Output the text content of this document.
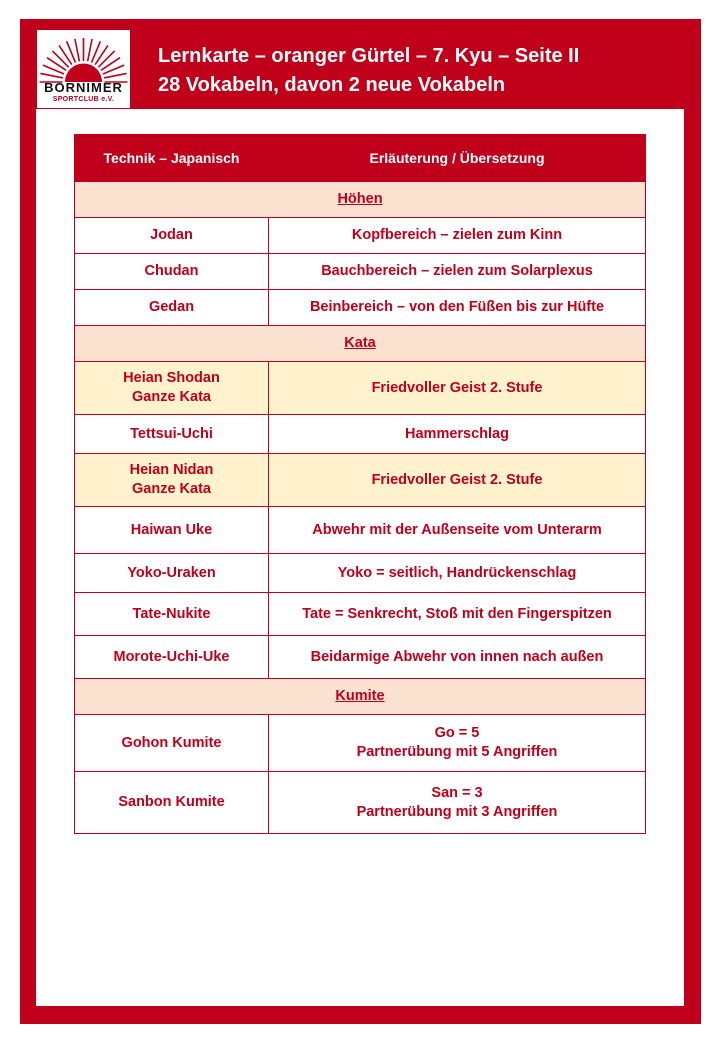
BORNIMER
SPORTCLUB e.V.
Lernkarte – oranger Gürtel – 7. Kyu – Seite II
28 Vokabeln, davon 2 neue Vokabeln
Technik – Japanisch	Erläuterung / Übersetzung
Höhen	
Jodan	Kopfbereich – zielen zum Kinn
Chudan	Bauchbereich – zielen zum Solarplexus
Gedan	Beinbereich – von den Füßen bis zur Hüfte
Kata	

Heian Shodan
Ganze Kata	Friedvoller Geist 2. Stufe
Tettsui-Uchi	Hammerschlag

Heian Nidan
Ganze Kata	Friedvoller Geist 2. Stufe
Haiwan Uke	Abwehr mit der Außenseite vom Unterarm
Yoko-Uraken	Yoko = seitlich, Handrückenschlag
Tate-Nukite	Tate = Senkrecht, Stoß mit den Fingerspitzen
Morote-Uchi-Uke	Beidarmige Abwehr von innen nach außen
Kumite	
Gohon Kumite	Go = 5
Partnerübung mit 5 Angriffen

Sanbon Kumite	San = 3
Partnerübung mit 3 Angriffen
